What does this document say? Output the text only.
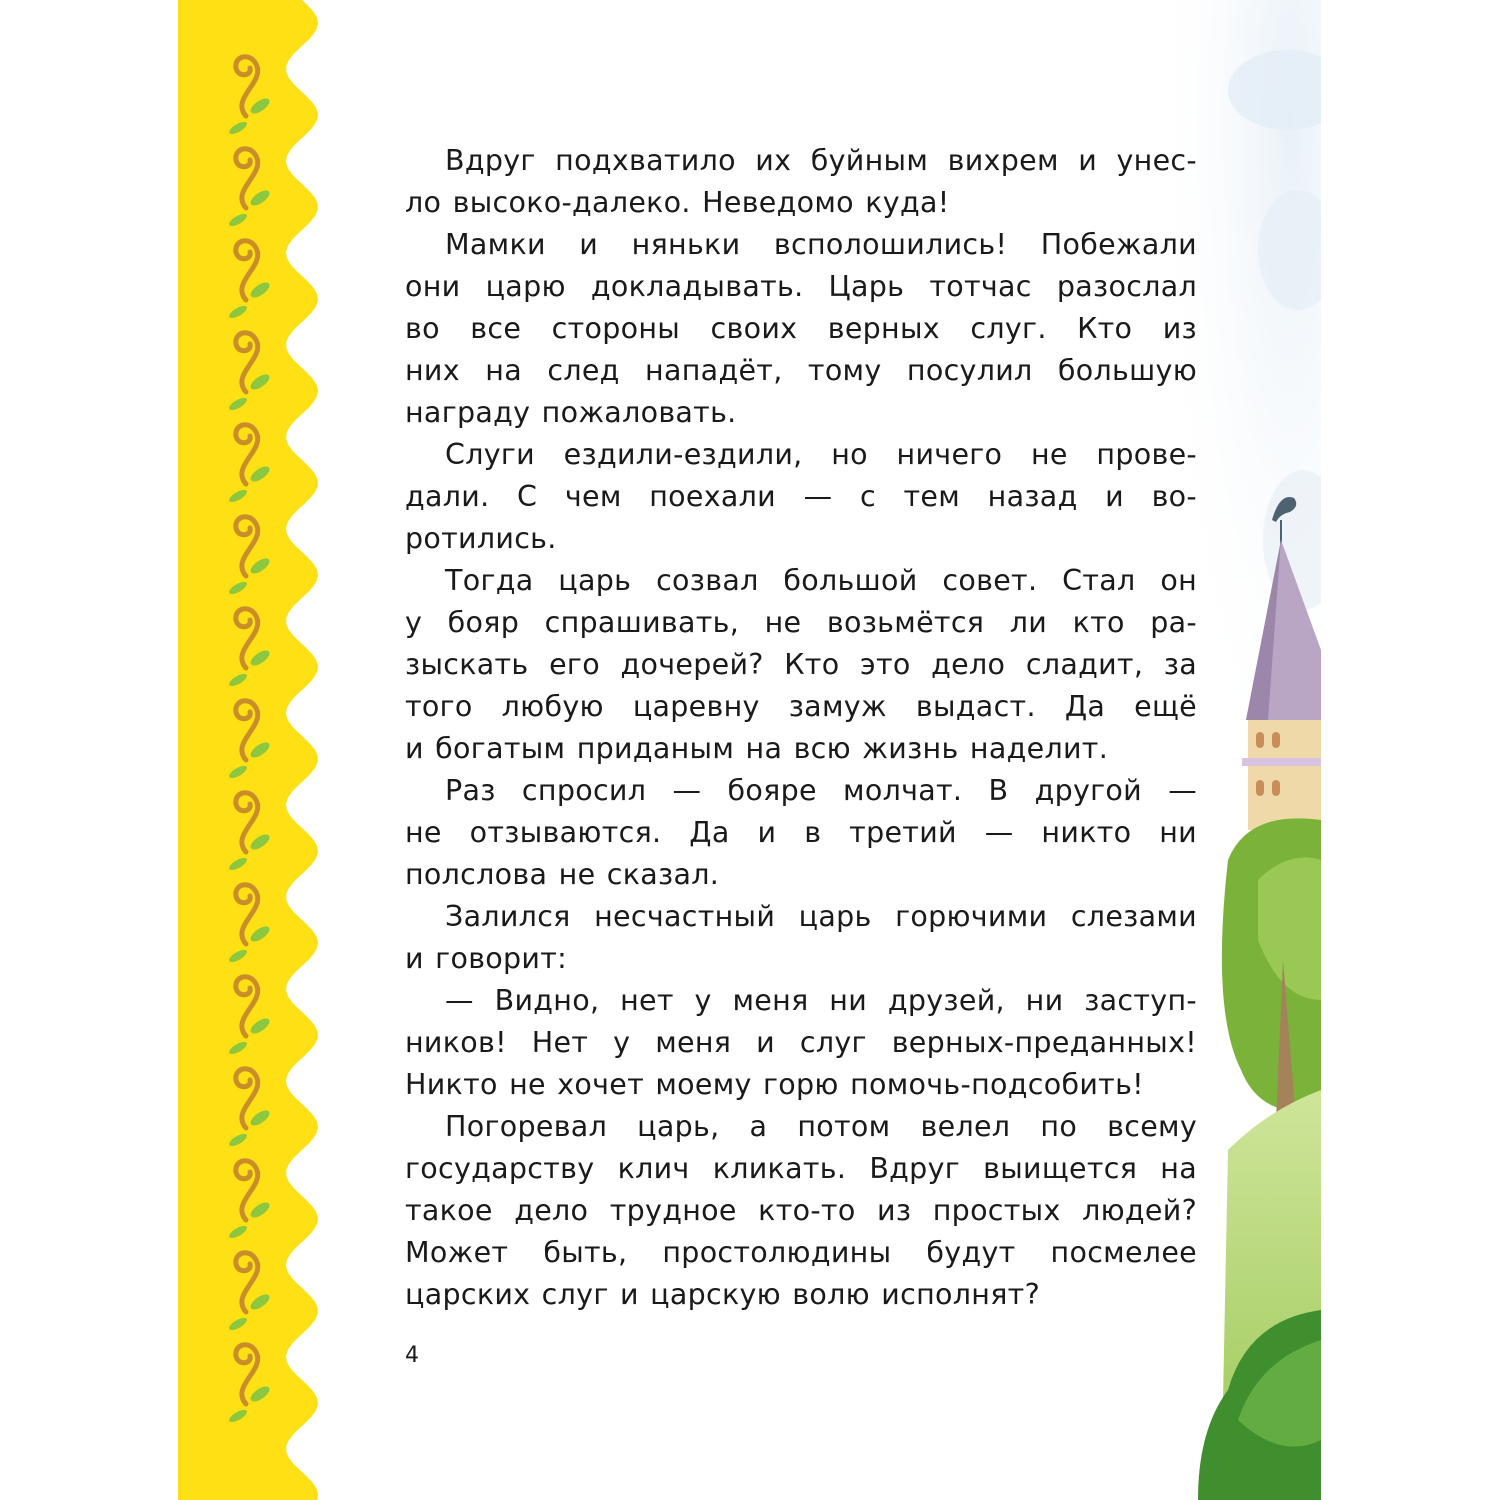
Вдруг подхватило их буйным вихрем и унес-
ло высоко-далеко. Неведомо куда!
Мамки и няньки всполошились! Побежали
они царю докладывать. Царь тотчас разослал
во все стороны своих верных слуг. Кто из
них на след нападёт, тому посулил большую
награду пожаловать.
Слуги ездили-ездили, но ничего не прове-
дали. С чем поехали — с тем назад и во-
ротились.
Тогда царь созвал большой совет. Стал он
у бояр спрашивать, не возьмётся ли кто ра-
зыскать его дочерей? Кто это дело сладит, за
того любую царевну замуж выдаст. Да ещё
и богатым приданым на всю жизнь наделит.
Раз спросил — бояре молчат. В другой —
не отзываются. Да и в третий — никто ни
полслова не сказал.
Залился несчастный царь горючими слезами
и говорит:
— Видно, нет у меня ни друзей, ни заступ-
ников! Нет у меня и слуг верных-преданных!
Никто не хочет моему горю помочь-подсобить!
Погоревал царь, а потом велел по всему
государству клич кликать. Вдруг выищется на
такое дело трудное кто-то из простых людей?
Может быть, простолюдины будут посмелее
царских слуг и царскую волю исполнят?
4
